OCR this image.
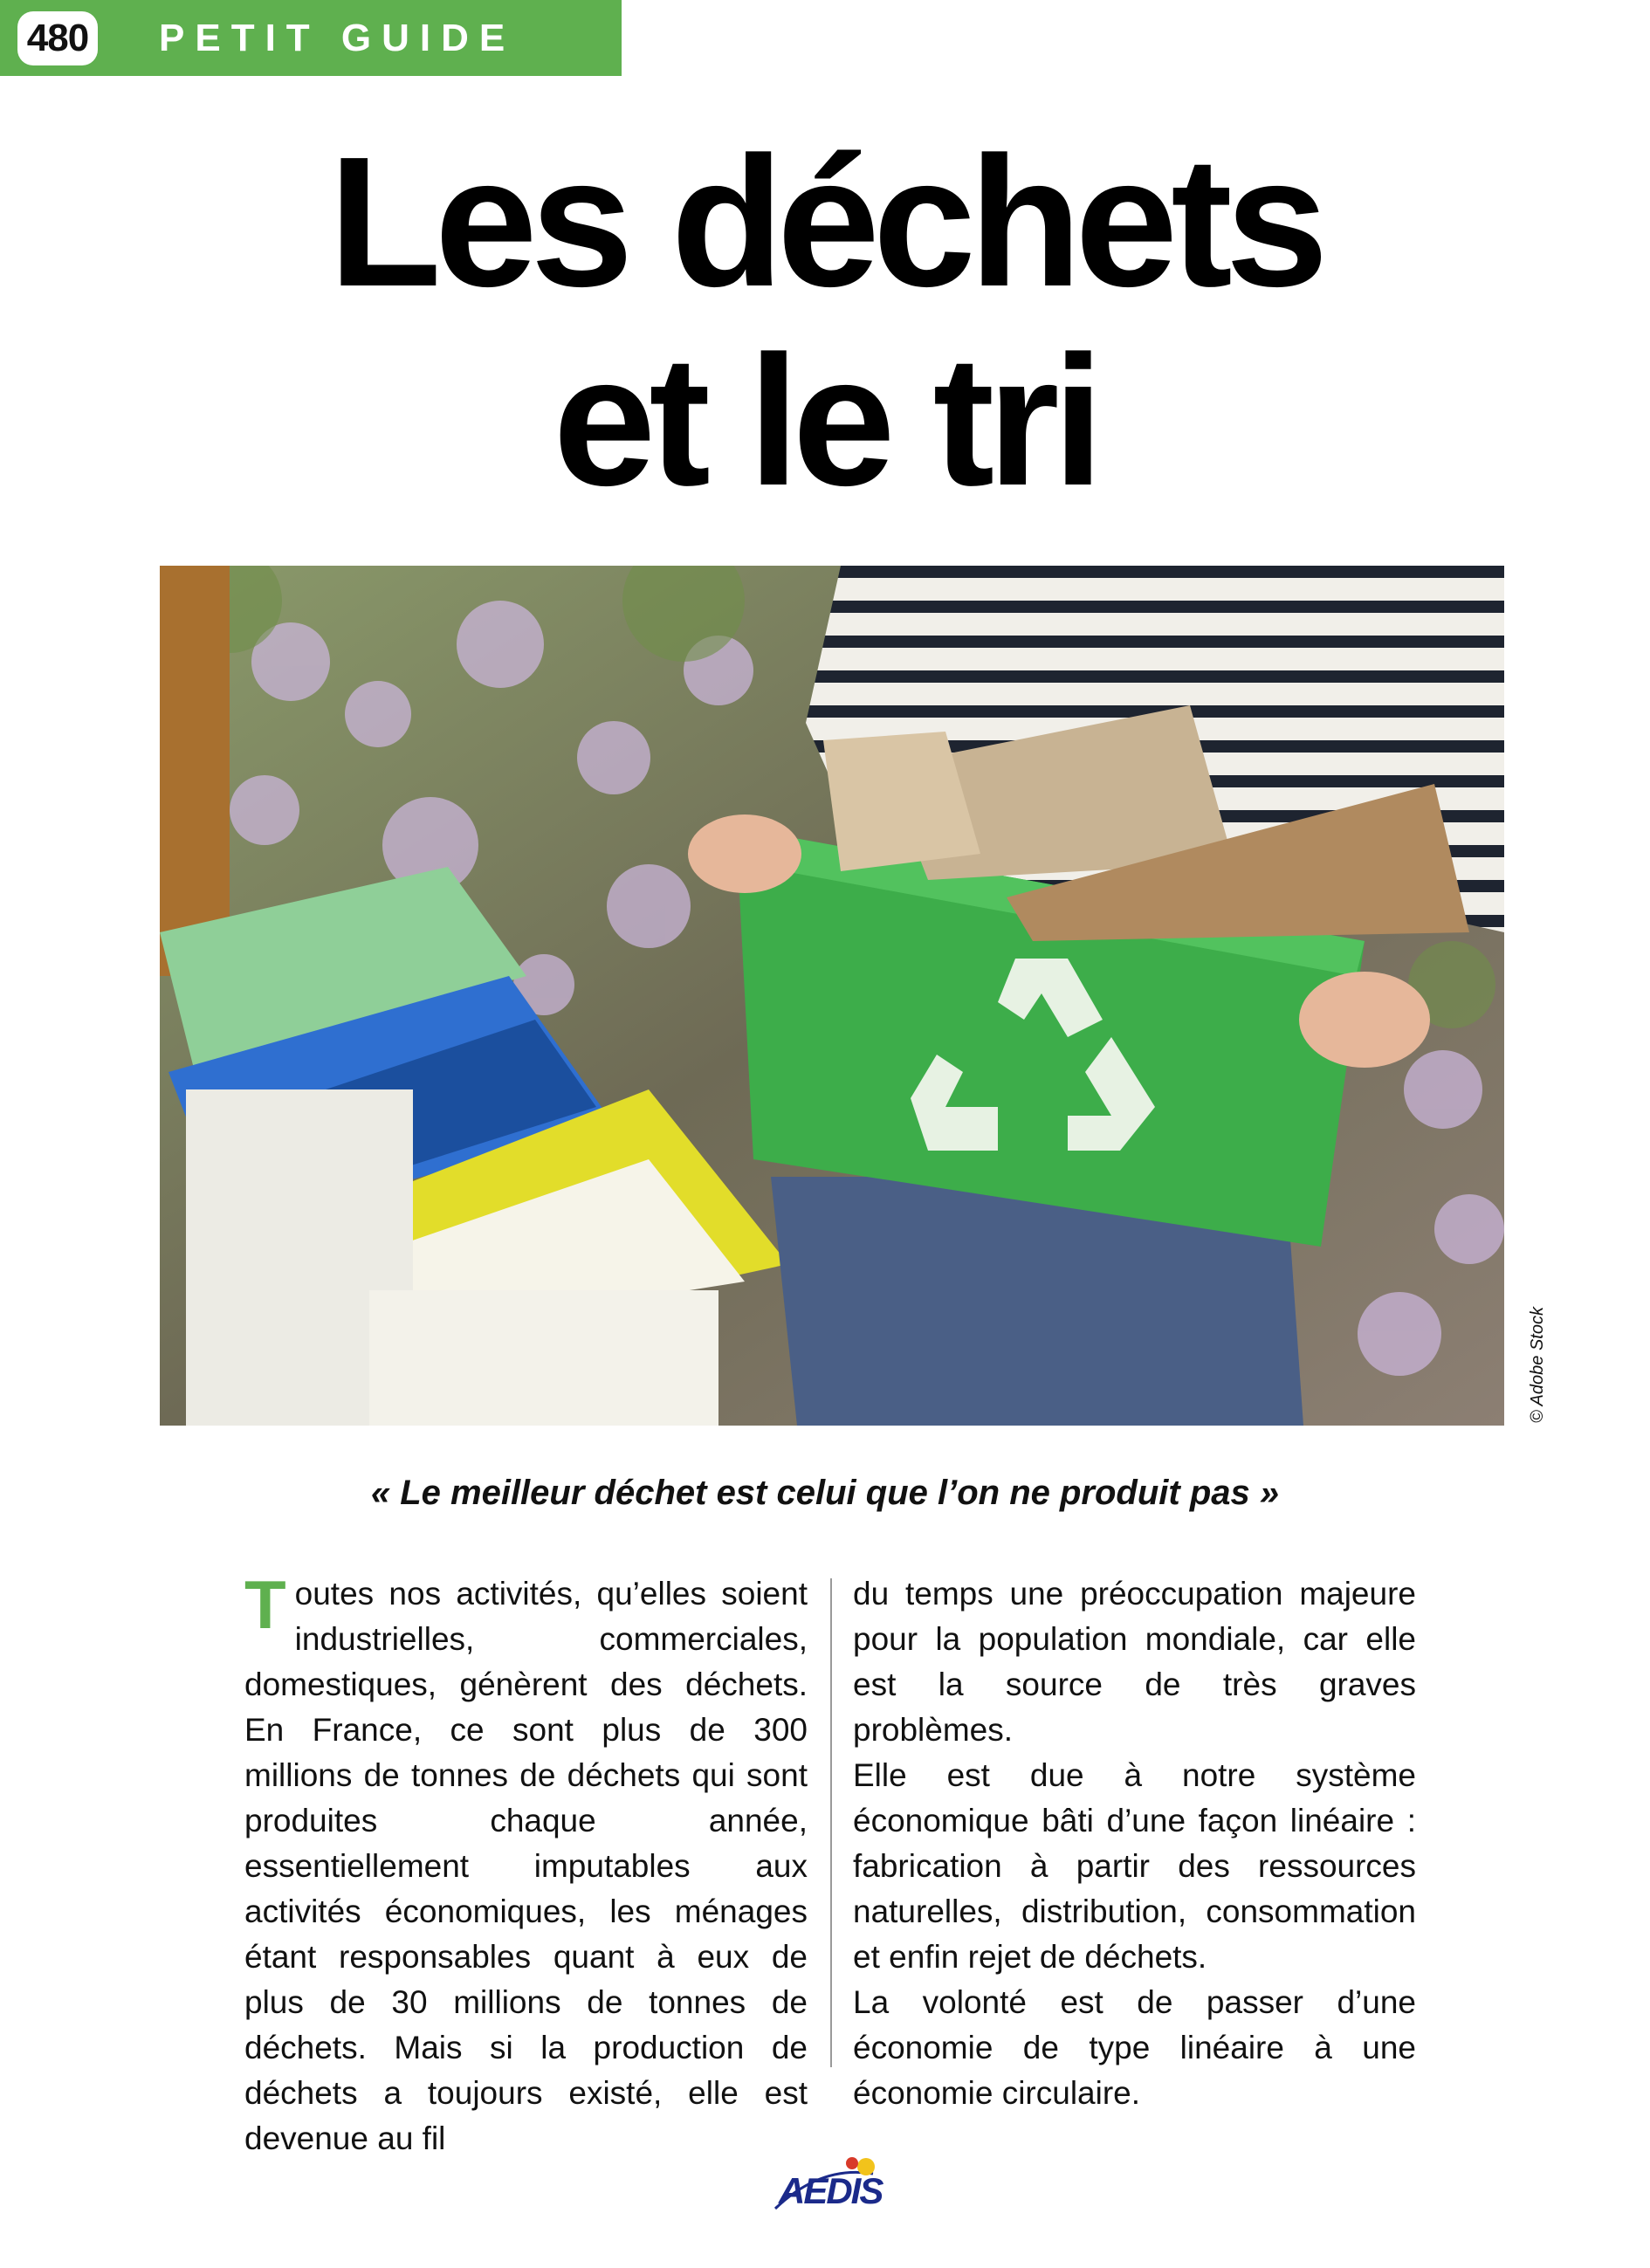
480 PETIT GUIDE
Les déchets
et le tri
© Adobe Stock
« Le meilleur déchet est celui que l’on ne produit pas »

Toutes nos activités, qu’elles soient industrielles, commerciales, domestiques, génèrent des déchets. En France, ce sont plus de 300 millions de tonnes de déchets qui sont produites chaque année, essentiellement imputables aux activités économiques, les ménages étant responsables quant à eux de plus de 30 millions de tonnes de déchets. Mais si la production de déchets a toujours existé, elle est devenue au fil

du temps une préoccupation majeure pour la population mondiale, car elle est la source de très graves problèmes.

Elle est due à notre système économique bâti d’une façon linéaire : fabrication à partir des ressources naturelles, distribution, consommation et enfin rejet de déchets.

La volonté est de passer d’une économie de type linéaire à une économie circulaire.

AEDIS
